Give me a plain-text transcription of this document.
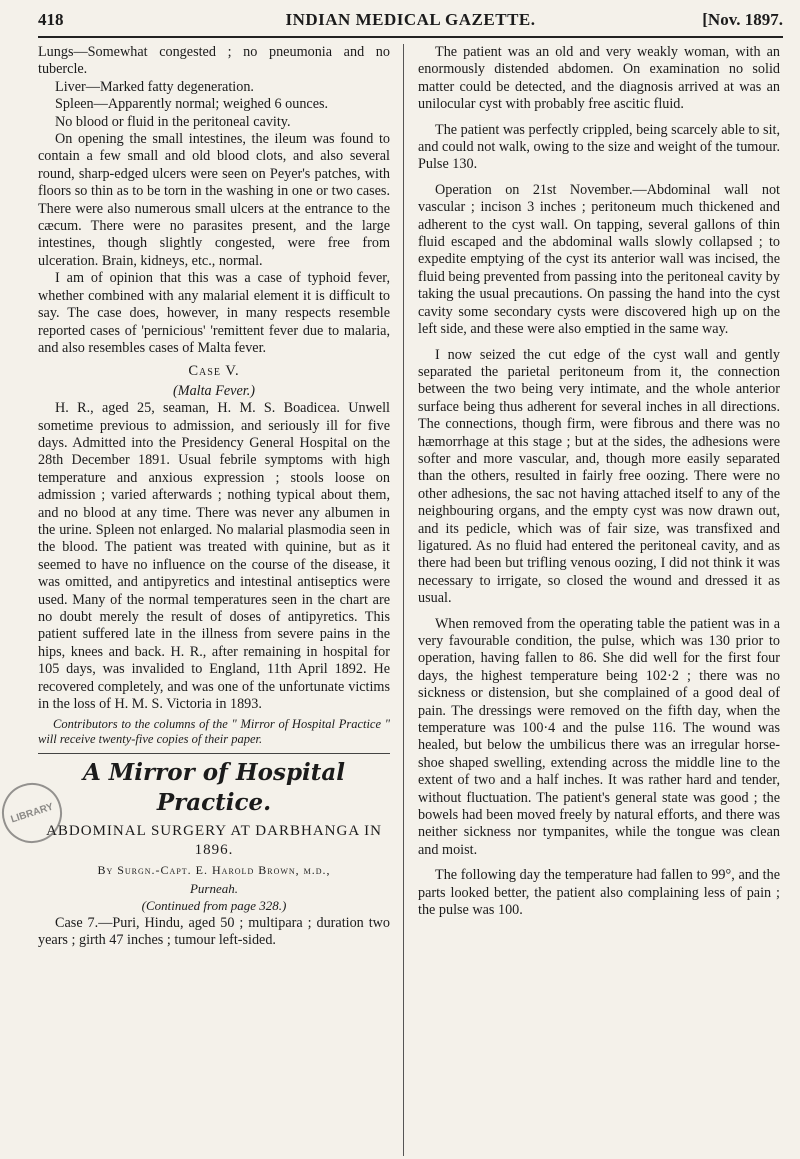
418	INDIAN MEDICAL GAZETTE.	[Nov. 1897.

Lungs—Somewhat congested ; no pneumonia and no tubercle.

Liver—Marked fatty degeneration.

Spleen—Apparently normal; weighed 6 ounces.

No blood or fluid in the peritoneal cavity.

On opening the small intestines, the ileum was found to contain a few small and old blood clots, and also several round, sharp-edged ulcers were seen on Peyer's patches, with floors so thin as to be torn in the washing in one or two cases. There were also numerous small ulcers at the entrance to the cæcum. There were no parasites present, and the large intestines, though slightly congested, were free from ulceration. Brain, kidneys, etc., normal.

I am of opinion that this was a case of typhoid fever, whether combined with any malarial element it is difficult to say. The case does, however, in many respects resemble reported cases of 'pernicious' 'remittent fever due to malaria, and also resembles cases of Malta fever.

Case V.

(Malta Fever.)

H. R., aged 25, seaman, H. M. S. Boadicea. Unwell sometime previous to admission, and seriously ill for five days. Admitted into the Presidency General Hospital on the 28th December 1891. Usual febrile symptoms with high temperature and anxious expression ; stools loose on admission ; varied afterwards ; nothing typical about them, and no blood at any time. There was never any albumen in the urine. Spleen not enlarged. No malarial plasmodia seen in the blood. The patient was treated with quinine, but as it seemed to have no influence on the course of the disease, it was omitted, and antipyretics and intestinal antiseptics were used. Many of the normal temperatures seen in the chart are no doubt merely the result of doses of antipyretics. This patient suffered late in the illness from severe pains in the hips, knees and back. H. R., after remaining in hospital for 105 days, was invalided to England, 11th April 1892. He recovered completely, and was one of the unfortunate victims in the loss of H. M. S. Victoria in 1893.

Contributors to the columns of the " Mirror of Hospital Practice " will receive twenty-five copies of their paper.

A Mirror of Hospital Practice.

ABDOMINAL SURGERY AT DARBHANGA IN 1896.

By Surgn.-Capt. E. Harold Brown, m.d.,

Purneah.

(Continued from page 328.)

Case 7.—Puri, Hindu, aged 50 ; multipara ; duration two years ; girth 47 inches ; tumour left-sided.

The patient was an old and very weakly woman, with an enormously distended abdomen. On examination no solid matter could be detected, and the diagnosis arrived at was an unilocular cyst with probably free ascitic fluid.

The patient was perfectly crippled, being scarcely able to sit, and could not walk, owing to the size and weight of the tumour. Pulse 130.

Operation on 21st November.—Abdominal wall not vascular ; incison 3 inches ; peritoneum much thickened and adherent to the cyst wall. On tapping, several gallons of thin fluid escaped and the abdominal walls slowly collapsed ; to expedite emptying of the cyst its anterior wall was incised, the fluid being prevented from passing into the peritoneal cavity by taking the usual precautions. On passing the hand into the cyst cavity some secondary cysts were discovered high up on the left side, and these were also emptied in the same way.

I now seized the cut edge of the cyst wall and gently separated the parietal peritoneum from it, the connection between the two being very intimate, and the whole anterior surface being thus adherent for several inches in all directions. The connections, though firm, were fibrous and there was no hæmorrhage at this stage ; but at the sides, the adhesions were softer and more vascular, and, though more easily separated than the others, resulted in fairly free oozing. There were no other adhesions, the sac not having attached itself to any of the neighbouring organs, and the empty cyst was now drawn out, and its pedicle, which was of fair size, was transfixed and ligatured. As no fluid had entered the peritoneal cavity, and as there had been but trifling venous oozing, I did not think it was necessary to irrigate, so closed the wound and dressed it as usual.

When removed from the operating table the patient was in a very favourable condition, the pulse, which was 130 prior to operation, having fallen to 86. She did well for the first four days, the highest temperature being 102·2 ; there was no sickness or distension, but she complained of a good deal of pain. The dressings were removed on the fifth day, when the temperature was 100·4 and the pulse 116. The wound was healed, but below the umbilicus there was an irregular horse-shoe shaped swelling, extending across the middle line to the extent of two and a half inches. It was rather hard and tender, without fluctuation. The patient's general state was good ; the bowels had been moved freely by natural efforts, and there was neither sickness nor tympanites, while the tongue was clean and moist.

The following day the temperature had fallen to 99°, and the parts looked better, the patient also complaining less of pain ; the pulse was 100.

LIBRARY
